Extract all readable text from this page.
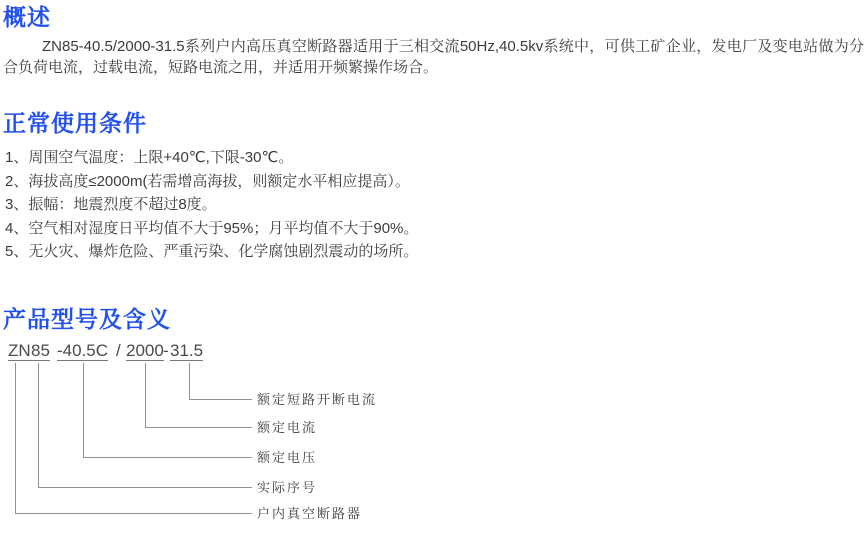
概述
ZN85-40.5/2000-31.5系列户内高压真空断路器适用于三相交流50Hz,40.5kv系统中，可供工矿企业，发电厂及变电站做为分合负荷电流，过载电流，短路电流之用，并适用开频繁操作场合。
正常使用条件
1、周围空气温度：上限+40℃,下限-30℃。
2、海拔高度≤2000m(若需增高海拔，则额定水平相应提高）。
3、振幅：地震烈度不超过8度。
4、空气相对湿度日平均值不大于95%；月平均值不大于90%。
5、无火灾、爆炸危险、严重污染、化学腐蚀剧烈震动的场所。
产品型号及含义
ZN 85 -40.5C / 2000 - 31.5
额定短路开断电流
额定电流
额定电压
实际序号
户内真空断路器
